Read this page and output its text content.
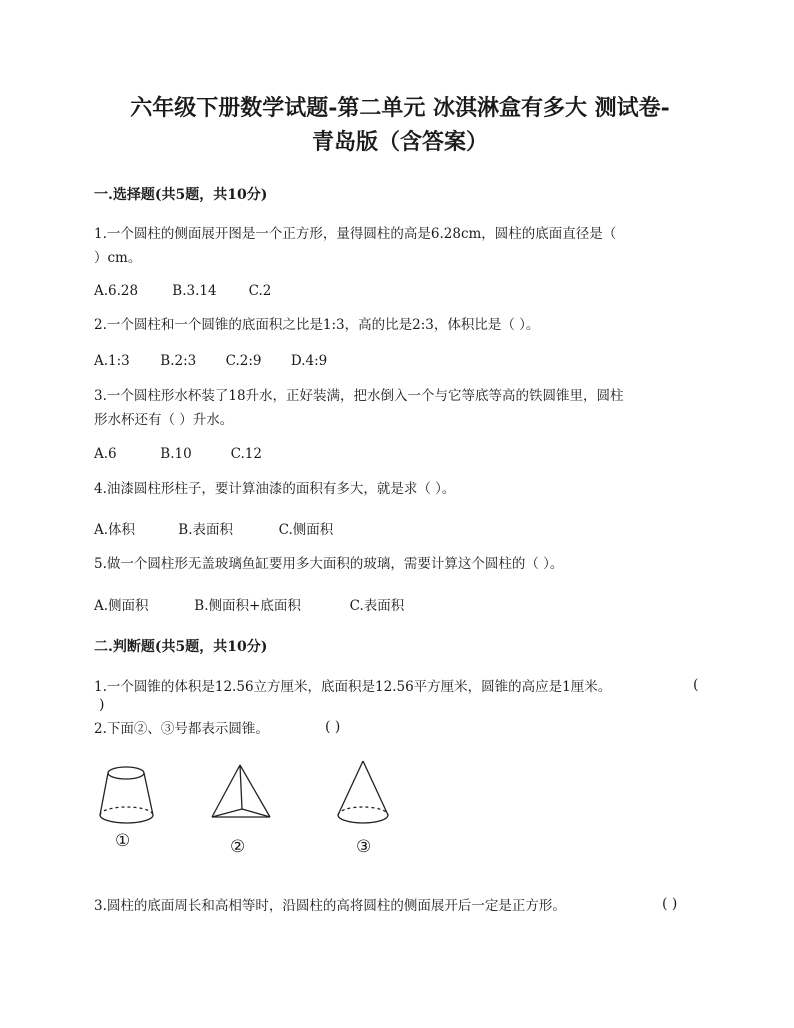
六年级下册数学试题-第二单元 冰淇淋盒有多大 测试卷-
青岛版（含答案）
一.选择题(共5题，共10分)
1.一个圆柱的侧面展开图是一个正方形，量得圆柱的高是6.28cm，圆柱的底面直径是（
）cm。
A.6.28	B.3.14 C.2
2.一个圆柱和一个圆锥的底面积之比是1:3，高的比是2:3，体积比是（ ）。
A.1:3 B.2:3 C.2:9 D.4:9
3.一个圆柱形水杯装了18升水，正好装满，把水倒入一个与它等底等高的铁圆锥里，圆柱
形水杯还有（ ）升水。
A.6	B.10	C.12
4.油漆圆柱形柱子，要计算油漆的面积有多大，就是求（ ）。
A.体积	B.表面积	C.侧面积
5.做一个圆柱形无盖玻璃鱼缸要用多大面积的玻璃，需要计算这个圆柱的（ ）。
A.侧面积	B.侧面积+底面积	C.表面积
二.判断题(共5题，共10分)
1.一个圆锥的体积是12.56立方厘米，底面积是12.56平方厘米，圆锥的高应是1厘米。	(
)
2.下面②、③号都表示圆锥。	( )
①	②	③
3.圆柱的底面周长和高相等时，沿圆柱的高将圆柱的侧面展开后一定是正方形。	( )
